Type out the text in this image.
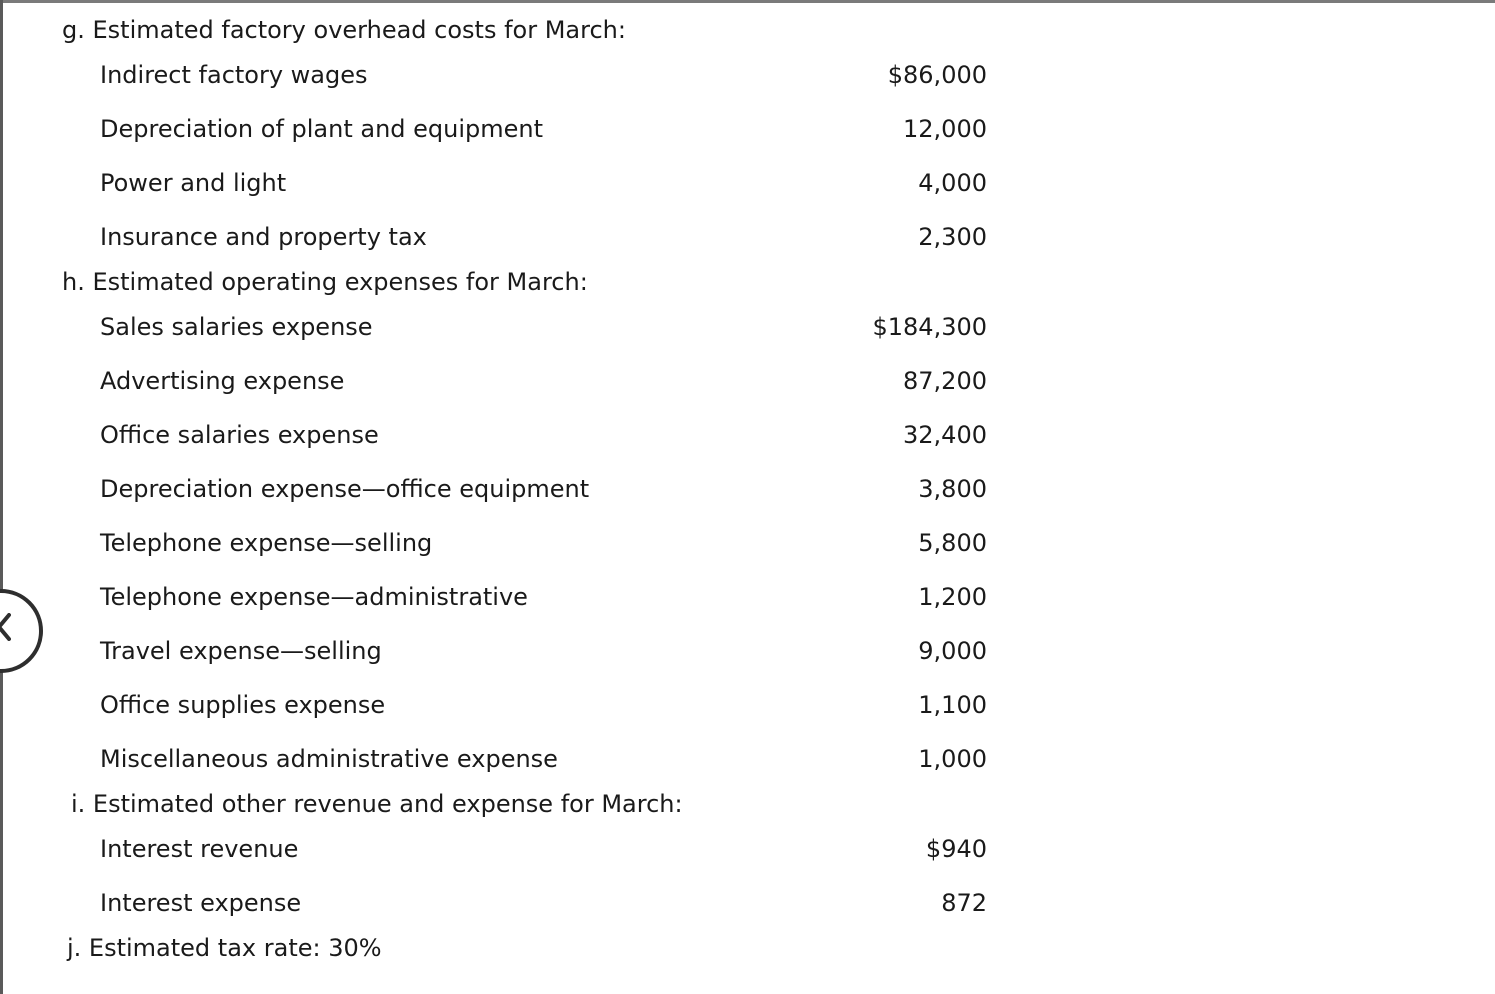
g. Estimated factory overhead costs for March:
Indirect factory wages	$86,000
Depreciation of plant and equipment	12,000
Power and light	4,000
Insurance and property tax	2,300
h. Estimated operating expenses for March:
Sales salaries expense	$184,300
Advertising expense	87,200
Office salaries expense	32,400
Depreciation expense—office equipment	3,800
Telephone expense—selling	5,800
Telephone expense—administrative	1,200
Travel expense—selling	9,000
Office supplies expense	1,100
Miscellaneous administrative expense	1,000
i. Estimated other revenue and expense for March:
Interest revenue	$940
Interest expense	872
j. Estimated tax rate: 30%
